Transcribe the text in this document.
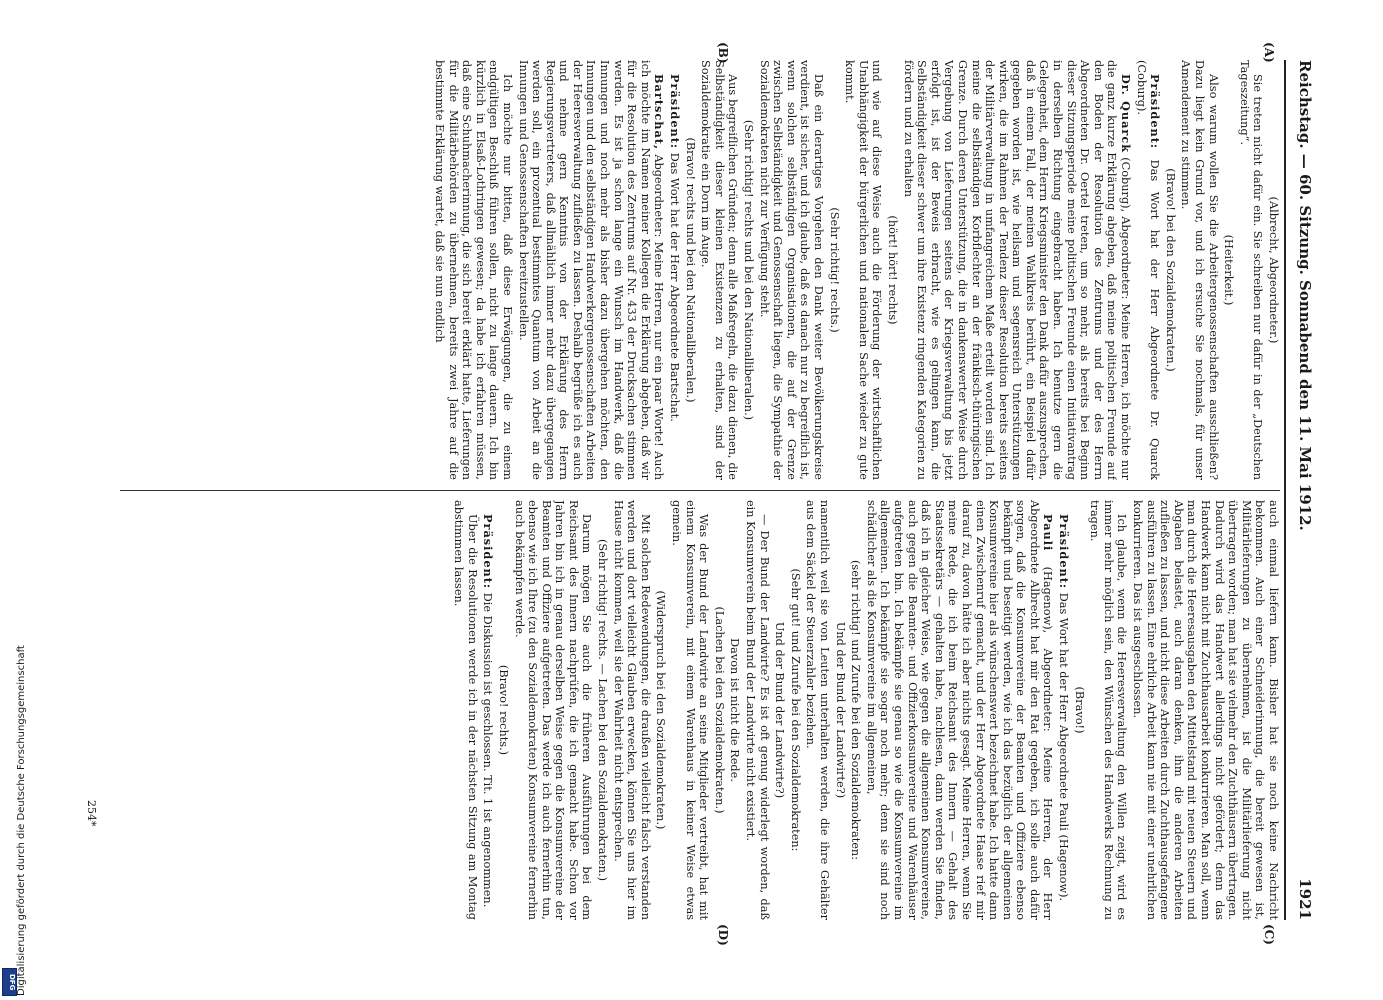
DFG Digitalisierung gefördert durch die Deutsche Forschungsgemeinschaft
Reichstag. — 60. Sitzung. Sonnabend den 11. Mai 1912.
1921
(A)
(B)
(C)
(D)

(Albrecht, Abgeordneter.)

Sie treten nicht dafür ein. Sie schreiben nur dafür in der „Deutschen Tageszeitung“.

(Heiterkeit.)

Also warum wollen Sie die Arbeitergenossenschaften ausschließen? Dazu liegt kein Grund vor, und ich ersuche Sie nochmals, für unser Amendement zu stimmen.

(Bravo! bei den Sozialdemokraten.)

Präsident: Das Wort hat der Herr Abgeordnete Dr. Quarck (Coburg).

Dr. Quarck (Coburg), Abgeordneter: Meine Herren, ich möchte nur die ganz kurze Erklärung abgeben, daß meine politischen Freunde auf den Boden der Resolution des Zentrums und der des Herrn Abgeordneten Dr. Oertel treten, um so mehr, als bereits bei Beginn dieser Sitzungsperiode meine politischen Freunde einen Initiativantrag in derselben Richtung eingebracht haben. Ich benutze gern die Gelegenheit, dem Herrn Kriegsminister den Dank dafür auszusprechen, daß in einem Fall, der meinen Wahlkreis berührt, ein Beispiel dafür gegeben worden ist, wie heilsam und segensreich Unterstützungen wirken, die im Rahmen der Tendenz dieser Resolution bereits seitens der Militärverwaltung in umfangreichem Maße erteilt worden sind. Ich meine die selbständigen Korbflechter an der fränkisch-thüringischen Grenze. Durch deren Unterstützung, die in dankenswerter Weise durch Vergebung von Lieferungen seitens der Kriegsverwaltung bis jetzt erfolgt ist, ist der Beweis erbracht, wie es gelingen kann, die Selbständigkeit dieser schwer um ihre Existenz ringenden Kategorien zu fördern und zu erhalten

(hört! hört! rechts)

und wie auf diese Weise auch die Förderung der wirtschaftlichen Unabhängigkeit der bürgerlichen und nationalen Sache wieder zu gute kommt.

(Sehr richtig! rechts.)

Daß ein derartiges Vorgehen den Dank weiter Bevölkerungskreise verdient, ist sicher, und ich glaube, daß es danach nur zu begreiflich ist, wenn solchen selbständigen Organisationen, die auf der Grenze zwischen Selbständigkeit und Genossenschaft liegen, die Sympathie der Sozialdemokraten nicht zur Verfügung steht.

(Sehr richtig! rechts und bei den Nationalliberalen.)

Aus begreiflichen Gründen; denn alle Maßregeln, die dazu dienen, die Selbständigkeit dieser kleinen Existenzen zu erhalten, sind der Sozialdemokratie ein Dorn im Auge.

(Bravo! rechts und bei den Nationalliberalen.)

Präsident: Das Wort hat der Herr Abgeordnete Bartschat.

Bartschat, Abgeordneter: Meine Herren, nur ein paar Worte! Auch ich möchte im Namen meiner Kollegen die Erklärung abgeben, daß wir für die Resolution des Zentrums auf Nr. 433 der Drucksachen stimmen werden. Es ist ja schon lange ein Wunsch im Handwerk, daß die Innungen und noch mehr als bisher dazu übergehen möchten, den Innungen und den selbständigen Handwerkergenossenschaften Arbeiten der Heeresverwaltung zufließen zu lassen. Deshalb begrüße ich es auch und nehme gern Kenntnis von der Erklärung des Herrn Regierungsvertreters, daß allmählich immer mehr dazu übergegangen werden soll, ein prozentual bestimmtes Quantum von Arbeit an die Innungen und Genossenschaften bereitzustellen.

Ich möchte nur bitten, daß diese Erwägungen, die zu einem endgültigen Beschluß führen sollen, nicht zu lange dauern. Ich bin kürzlich in Elsaß-Lothringen gewesen; da habe ich erfahren müssen, daß eine Schuhmacherinnung, die sich bereit erklärt hatte, Lieferungen für die Militärbehörden zu übernehmen, bereits zwei Jahre auf die bestimmte Erklärung wartet, daß sie nun endlich

auch einmal liefern kann. Bisher hat sie noch keine Nachricht bekommen. Auch einer Schneiderinnung, die bereit gewesen ist, Militärlieferungen zu übernehmen, ist die Militärlieferung nicht übertragen worden; man hat sie vielmehr den Zuchthäusern übertragen. Dadurch wird das Handwert allerdings nicht gefördert; denn das Handwerk kann nicht mit Zuchthausarbeit konkurrieren. Man soll, wenn man durch die Heeresausgaben den Mittelstand mit neuen Steuern und Abgaben belastet, auch daran denken, ihm die anderen Arbeiten zufließen zu lassen, und nicht diese Arbeiten durch Zuchthausgefangene ausführen zu lassen. Eine ehrliche Arbeit kann nie mit einer unehrlichen konkurrieren. Das ist ausgeschlossen.

Ich glaube, wenn die Heeresverwaltung den Willen zeigt, wird es immer mehr möglich sein, den Wünschen des Handwerks Rechnung zu tragen.

(Bravo!)

Präsident: Das Wort hat der Herr Abgeordnete Pauli (Hagenow).

Pauli (Hagenow), Abgeordneter: Meine Herren, der Herr Abgeordnete Albrecht hat mir den Rat gegeben, ich solle auch dafür sorgen, daß die Konsumvereine der Beamten und Offiziere ebenso bekämpft und beseitigt werden, wie ich das bezüglich der allgemeinen Konsumvereine hier als wünschenswert bezeichnet habe. Ich hatte dann einen Zwischenruf gemacht, und der Herr Abgeordnete Haase rief mir darauf zu, davon hätte ich aber nichts gesagt. Meine Herren, wenn Sie meine Rede, die ich beim Reichsamt des Innern — Gehalt des Staatssekretärs — gehalten habe, nachlesen, dann werden Sie finden, daß ich in gleicher Weise, wie gegen die allgemeinen Konsumvereine, auch gegen die Beamten- und Offizierkonsumvereine und Warenhäuser aufgetreten bin. Ich bekämpfe sie genau so wie die Konsumvereine im allgemeinen. Ich bekämpfe sie sogar noch mehr; denn sie sind noch schädlicher als die Konsumvereine im allgemeinen,

(sehr richtig! und Zurufe bei den Sozialdemokraten:

Und der Bund der Landwirte?)

namentlich weil sie von Leuten unterhalten werden, die ihre Gehälter aus dem Säckel der Steuerzahler beziehen.

(Sehr gut! und Zurufe bei den Sozialdemokraten:

Und der Bund der Landwirte?)

— Der Bund der Landwirte? Es ist oft genug widerlegt worden, daß ein Konsumverein beim Bund der Landwirte nicht existiert.

Davon ist nicht die Rede.

(Lachen bei den Sozialdemokraten.)

Was der Bund der Landwirte an seine Mitglieder vertreibt, hat mit einem Konsumverein, mit einem Warenhaus in keiner Weise etwas gemein.

(Widerspruch bei den Sozialdemokraten.)

Mit solchen Redewendungen, die draußen vielleicht falsch verstanden werden und dort vielleicht Glauben erwecken, können Sie uns hier im Hause nicht kommen, weil sie der Wahrheit nicht entsprechen.

(Sehr richtig! rechts. — Lachen bei den Sozialdemokraten.)

Darum mögen Sie auch die früheren Ausführungen bei dem Reichsamt des Innern nachprüfen, die ich gemacht habe. Schon vor Jahren bin ich in genau derselben Weise gegen die Konsumvereine der Beamten und Offiziere aufgetreten. Das werde ich auch fernerhin tun, ebenso wie ich Ihre (zu den Sozialdemokraten) Konsumvereine fernerhin auch bekämpfen werde.

(Bravo! rechts.)

Präsident: Die Diskussion ist geschlossen. Tit. 1 ist angenommen.

Über die Resolutionen werde ich in der nächsten Sitzung am Montag abstimmen lassen.

254*
